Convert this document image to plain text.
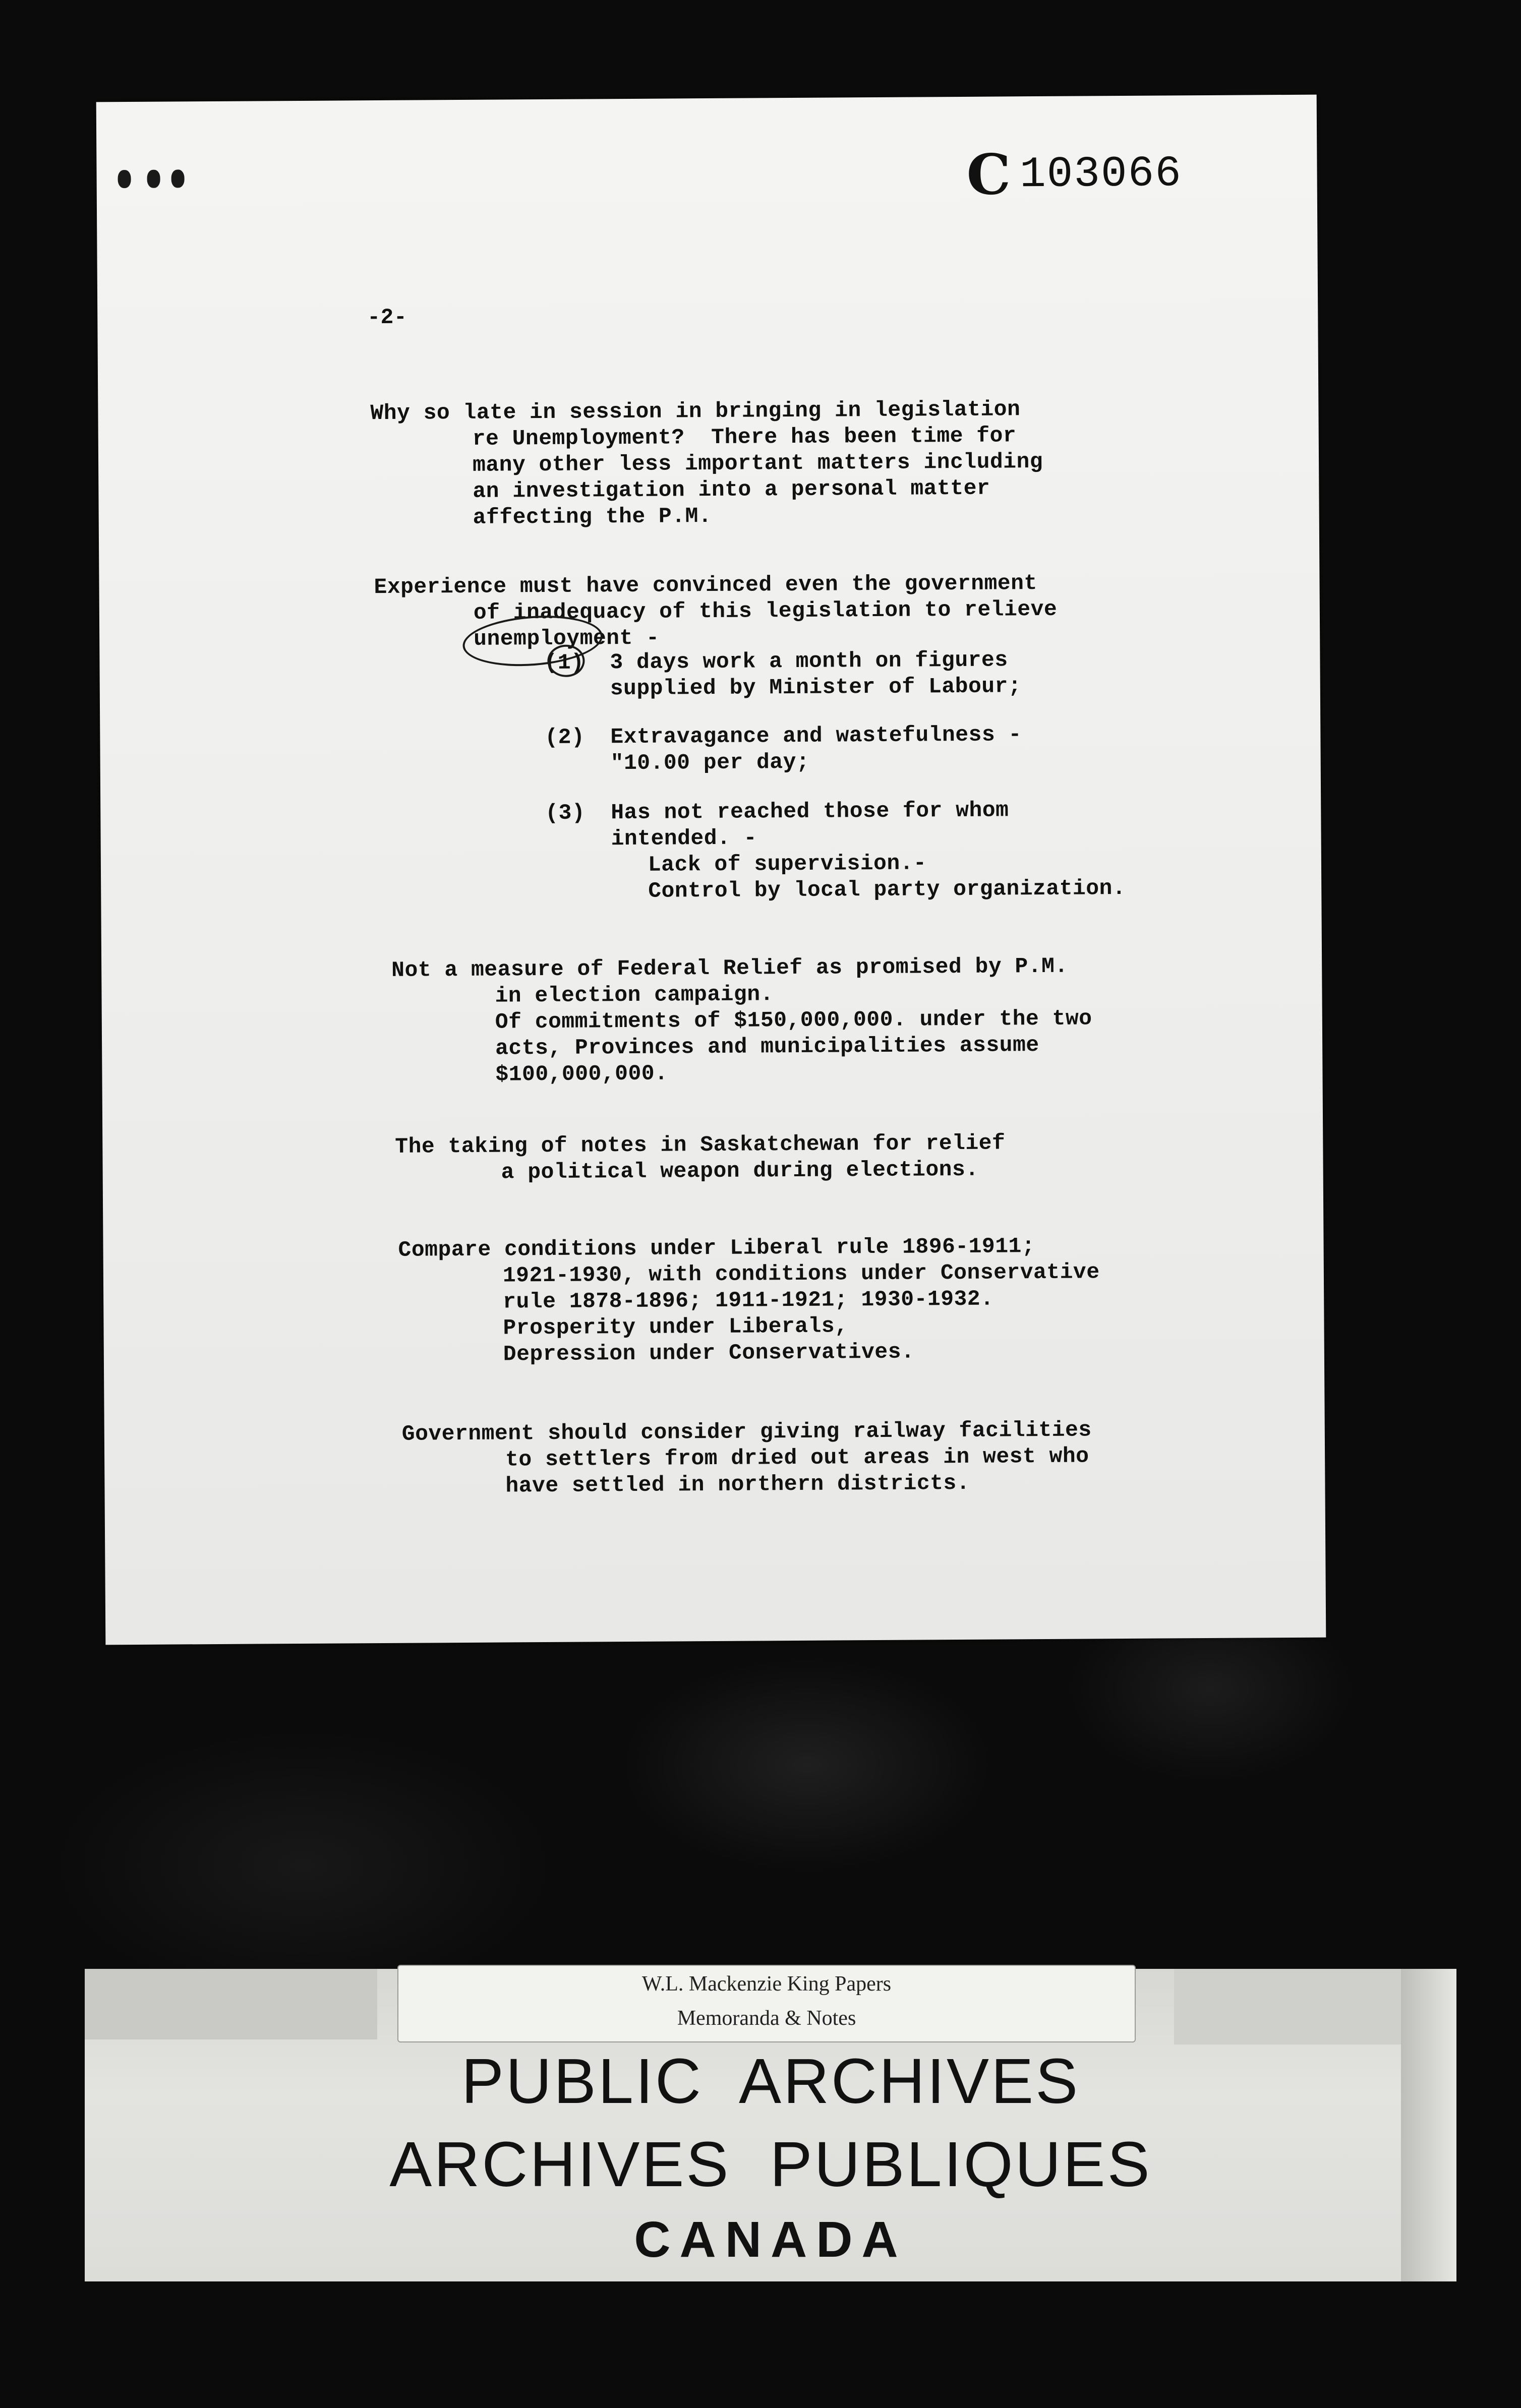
C 103066
-2-
Why so late in session in bringing in legislation
re Unemployment?  There has been time for
many other less important matters including
an investigation into a personal matter
affecting the P.M.
Experience must have convinced even the government
of inadequacy of this legislation to relieve
unemployment -
(1) 3 days work a month on figures
supplied by Minister of Labour;
(2) Extravagance and wastefulness -
"10.00 per day;
(3) Has not reached those for whom
intended. -
Lack of supervision.-
Control by local party organization.
Not a measure of Federal Relief as promised by P.M.
in election campaign.
Of commitments of $150,000,000. under the two
acts, Provinces and municipalities assume
$100,000,000.
The taking of notes in Saskatchewan for relief
a political weapon during elections.
Compare conditions under Liberal rule 1896-1911;
1921-1930, with conditions under Conservative
rule 1878-1896; 1911-1921; 1930-1932.
Prosperity under Liberals,
Depression under Conservatives.
Government should consider giving railway facilities
to settlers from dried out areas in west who
have settled in northern districts.
W.L. Mackenzie King Papers
Memoranda & Notes
PUBLIC  ARCHIVES
ARCHIVES  PUBLIQUES
CANADA
